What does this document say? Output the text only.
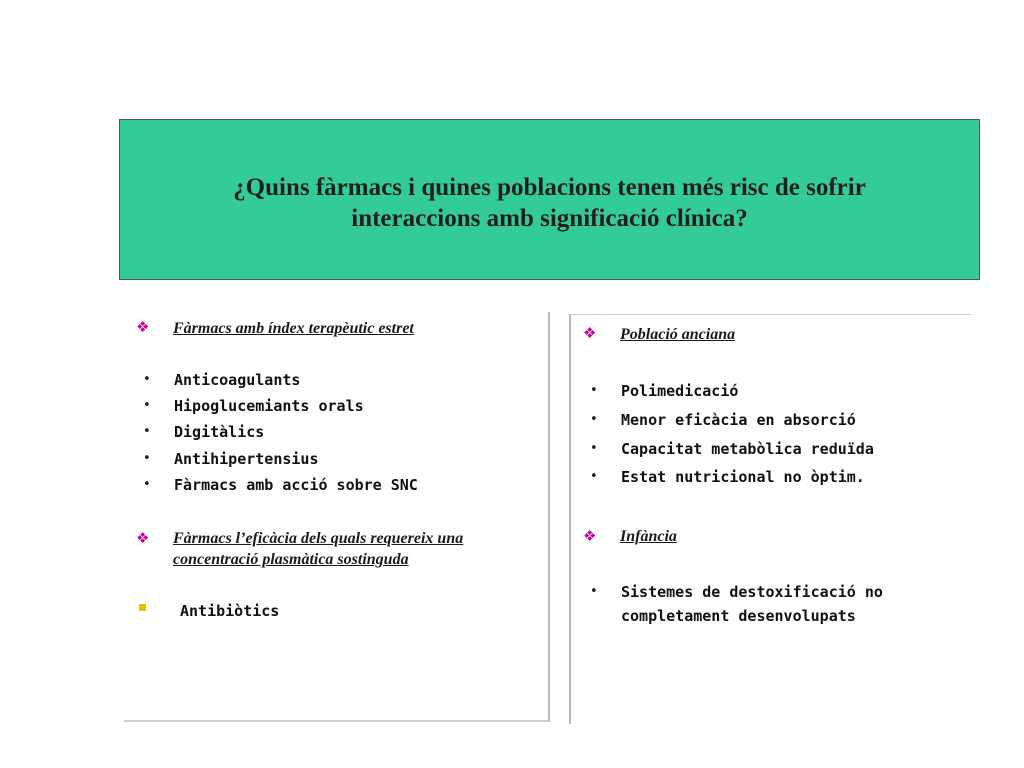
¿Quins fàrmacs i quines poblacions tenen més risc de sofrir interaccions amb significació clínica?
❖ Fàrmacs amb índex terapèutic estret
• Anticoagulants
• Hipoglucemiants orals
• Digitàlics
• Antihipertensius
• Fàrmacs amb acció sobre SNC
❖ Fàrmacs l’eficàcia dels quals requereix una
concentració plasmàtica sostinguda
Antibiòtics
❖ Població anciana
• Polimedicació
• Menor eficàcia en absorció
• Capacitat metabòlica reduïda
• Estat nutricional no òptim.
❖ Infància
• Sistemes de destoxificació no
completament desenvolupats
